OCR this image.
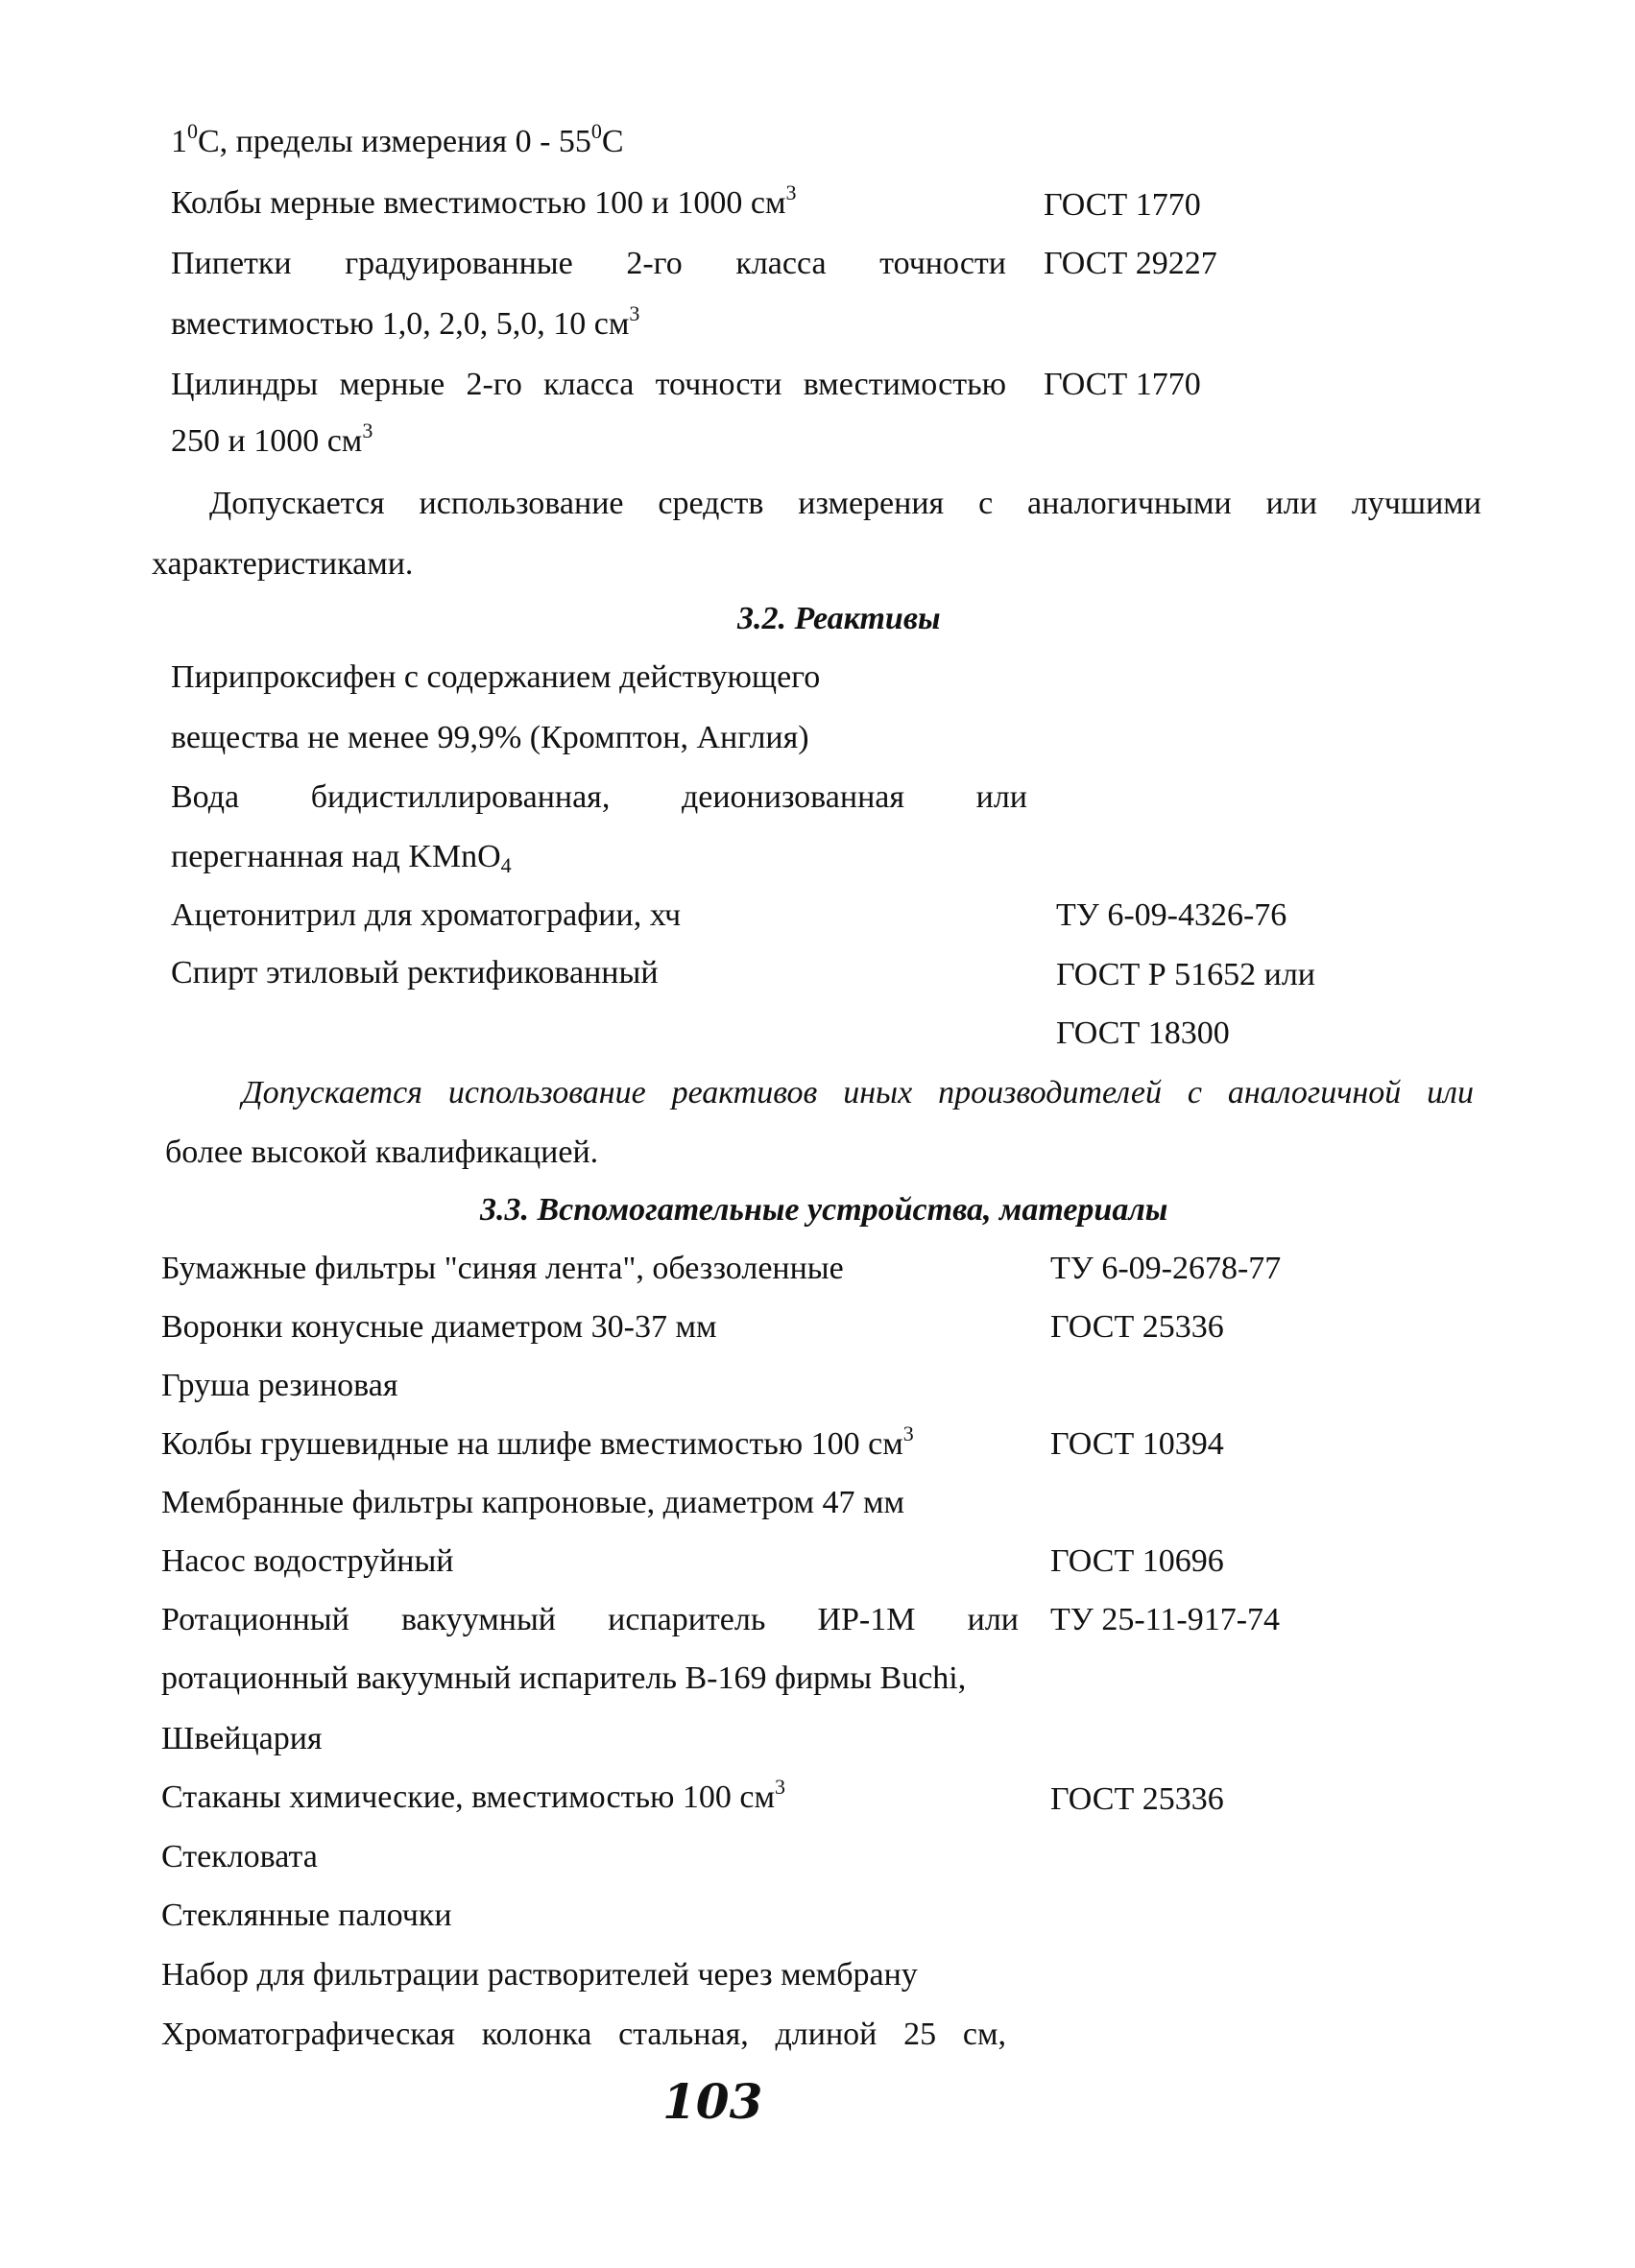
$1^0С$, пределы измерения $0 - 55^0С$
Колбы мерные вместимостью 100 и 1000 $см^3$	ГОСТ 1770
Пипетки градуированные 2-го класса точности ГОСТ 29227
вместимостью 1,0, 2,0, 5,0, 10 $см^3$
Цилиндры мерные 2-го класса точности вместимостью ГОСТ 1770
250 и 1000 $см^3$
Допускается использование средств измерения с аналогичными или лучшими
характеристиками.
3.2. Реактивы
Пирипроксифен с содержанием действующего
вещества не менее 99,9% (Кромптон, Англия)
Вода бидистиллированная, деионизованная или
перегнанная над KMnO$_4$
Ацетонитрил для хроматографии, хч	ТУ 6-09-4326-76
Спирт этиловый ректификованный	ГОСТ Р 51652 или
ГОСТ 18300
Допускается использование реактивов иных производителей с аналогичной или
более высокой квалификацией.
3.3. Вспомогательные устройства, материалы
Бумажные фильтры "синяя лента", обеззоленные	ТУ 6-09-2678-77
Воронки конусные диаметром 30-37 мм	ГОСТ 25336
Груша резиновая
Колбы грушевидные на шлифе вместимостью 100 $см^3$	ГОСТ 10394
Мембранные фильтры капроновые, диаметром 47 мм
Насос водоструйный	ГОСТ 10696
Ротационный вакуумный испаритель ИР-1М или ТУ 25-11-917-74
ротационный вакуумный испаритель В-169 фирмы Buchi,
Швейцария
Стаканы химические, вместимостью 100 $см^3$	ГОСТ 25336
Стекловата
Стеклянные палочки
Набор для фильтрации растворителей через мембрану
Хроматографическая колонка стальная, длиной 25 см,
103
